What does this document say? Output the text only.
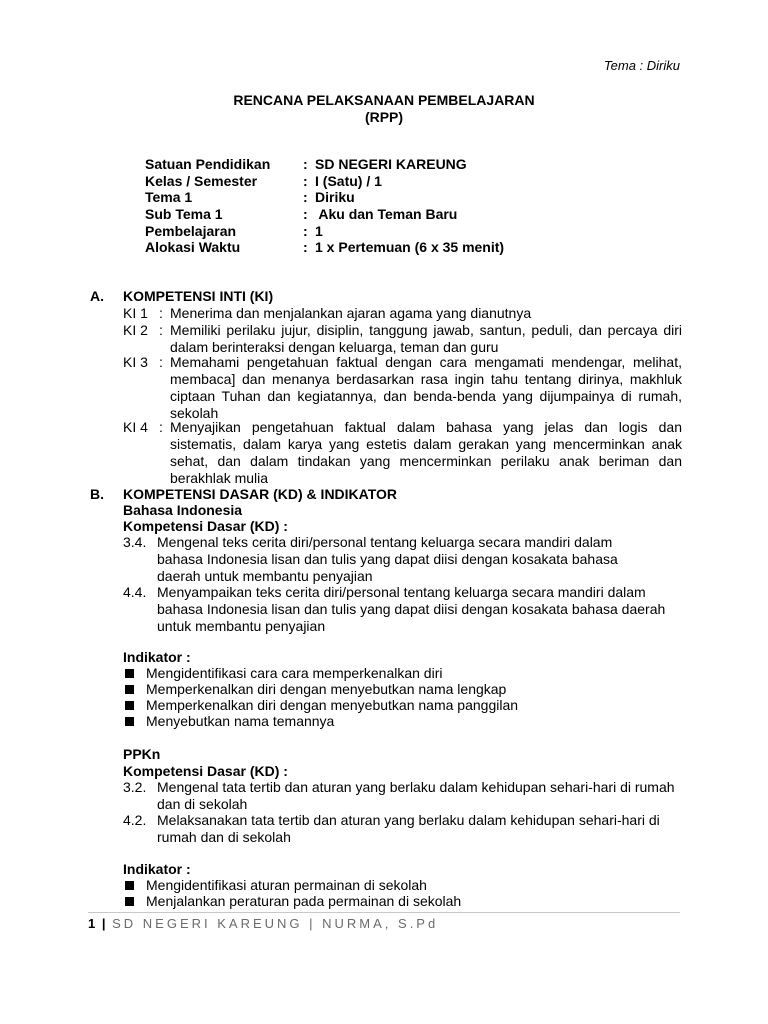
Tema : Diriku
RENCANA PELAKSANAAN PEMBELAJARAN
(RPP)
Satuan Pendidikan	: SD NEGERI KAREUNG
Kelas / Semester	: I (Satu) / 1
Tema 1	: Diriku
Sub Tema 1	: Aku dan Teman Baru
Pembelajaran	: 1
Alokasi Waktu	: 1 x Pertemuan (6 x 35 menit)
A. KOMPETENSI INTI (KI)
KI 1 : Menerima dan menjalankan ajaran agama yang dianutnya
KI 2 : Memiliki perilaku jujur, disiplin, tanggung jawab, santun, peduli, dan percaya diri dalam berinteraksi dengan keluarga, teman dan guru
KI 3 : Memahami pengetahuan faktual dengan cara mengamati mendengar, melihat, membaca] dan menanya berdasarkan rasa ingin tahu tentang dirinya, makhluk ciptaan Tuhan dan kegiatannya, dan benda-benda yang dijumpainya di rumah, sekolah
KI 4 : Menyajikan pengetahuan faktual dalam bahasa yang jelas dan logis dan sistematis, dalam karya yang estetis dalam gerakan yang mencerminkan anak sehat, dan dalam tindakan yang mencerminkan perilaku anak beriman dan berakhlak mulia
B. KOMPETENSI DASAR (KD) & INDIKATOR
Bahasa Indonesia
Kompetensi Dasar (KD) :
3.4. Mengenal teks cerita diri/personal tentang keluarga secara mandiri dalam bahasa Indonesia lisan dan tulis yang dapat diisi dengan kosakata bahasa daerah untuk membantu penyajian
4.4. Menyampaikan teks cerita diri/personal tentang keluarga secara mandiri dalam bahasa Indonesia lisan dan tulis yang dapat diisi dengan kosakata bahasa daerah untuk membantu penyajian
Indikator :
Mengidentifikasi cara cara memperkenalkan diri
Memperkenalkan diri dengan menyebutkan nama lengkap
Memperkenalkan diri dengan menyebutkan nama panggilan
Menyebutkan nama temannya
PPKn
Kompetensi Dasar (KD) :
3.2. Mengenal tata tertib dan aturan yang berlaku dalam kehidupan sehari-hari di rumah dan di sekolah
4.2. Melaksanakan tata tertib dan aturan yang berlaku dalam kehidupan sehari-hari di rumah dan di sekolah
Indikator :
Mengidentifikasi aturan permainan di sekolah
Menjalankan peraturan pada permainan di sekolah
1 | SD NEGERI KAREUNG | NURMA, S.Pd
